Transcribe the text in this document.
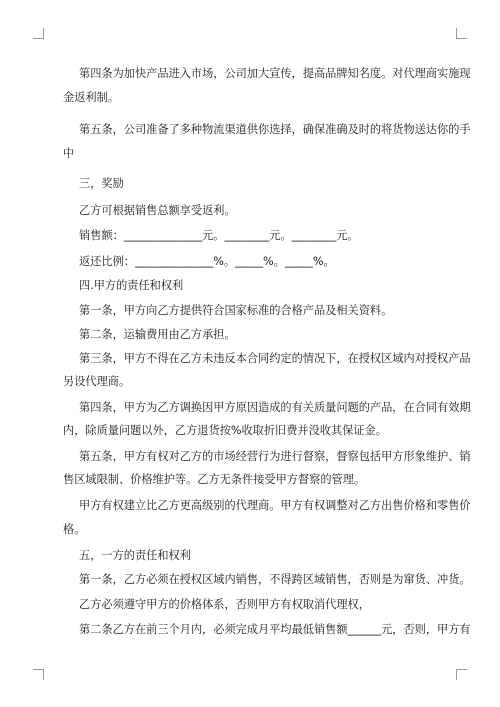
第四条为加快产品进入市场，公司加大宣传，提高品牌知名度。对代理商实施现
金返利制。
第五条，公司准备了多种物流渠道供你选择，确保准确及时的将货物送达你的手
中
三，奖励
乙方可根据销售总额享受返利。
销售额：______________元。________元。________元。
返还比例：______________%。_____%。_____%。
四.甲方的责任和权利
第一条，甲方向乙方提供符合国家标准的合格产品及相关资料。
第二条，运输费用由乙方承担。
第三条，甲方不得在乙方未违反本合同约定的情况下，在授权区域内对授权产品
另设代理商。
第四条，甲方为乙方调换因甲方原因造成的有关质量问题的产品，在合同有效期
内，除质量问题以外，乙方退货按%收取折旧费并没收其保证金。
第五条，甲方有权对乙方的市场经营行为进行督察，督察包括甲方形象维护、销
售区域限制、价格维护等。乙方无条件接受甲方督察的管理。
甲方有权建立比乙方更高级别的代理商。甲方有权调整对乙方出售价格和零售价
格。
五，一方的责任和权利
第一条，乙方必须在授权区域内销售，不得跨区域销售，否则是为窜货、冲货。
乙方必须遵守甲方的价格体系，否则甲方有权取消代理权，
第二条乙方在前三个月内，必须完成月平均最低销售额______元，否则，甲方有
